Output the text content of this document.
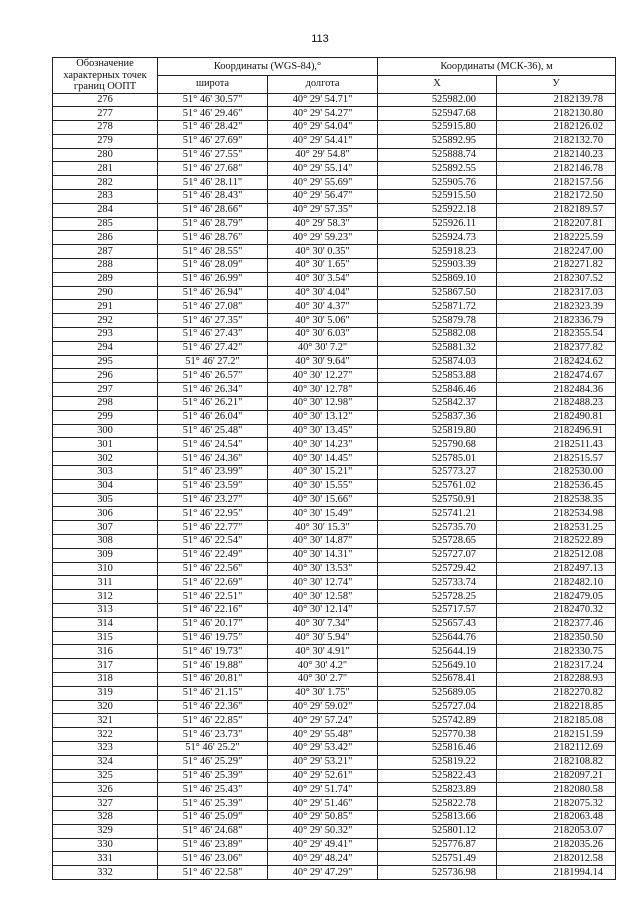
113
Обозначение характерных точек границ ООПТ	Координаты (WGS-84),°		Координаты (МСК-36), м	
	широта	долгота	X	У
276	51° 46' 30.57"	40° 29' 54.71"	525982.00	2182139.78
277	51° 46' 29.46"	40° 29' 54.27"	525947.68	2182130.80
278	51° 46' 28.42"	40° 29' 54.04"	525915.80	2182126.02
279	51° 46' 27.69"	40° 29' 54.41"	525892.95	2182132.70
280	51° 46' 27.55"	40° 29' 54.8"	525888.74	2182140.23
281	51° 46' 27.68"	40° 29' 55.14"	525892.55	2182146.78
282	51° 46' 28.11"	40° 29' 55.69"	525905.76	2182157.56
283	51° 46' 28.43"	40° 29' 56.47"	525915.50	2182172.50
284	51° 46' 28.66"	40° 29' 57.35"	525922.18	2182189.57
285	51° 46' 28.79"	40° 29' 58.3"	525926.11	2182207.81
286	51° 46' 28.76"	40° 29' 59.23"	525924.73	2182225.59
287	51° 46' 28.55"	40° 30' 0.35"	525918.23	2182247.00
288	51° 46' 28.09"	40° 30' 1.65"	525903.39	2182271.82
289	51° 46' 26.99"	40° 30' 3.54"	525869.10	2182307.52
290	51° 46' 26.94"	40° 30' 4.04"	525867.50	2182317.03
291	51° 46' 27.08"	40° 30' 4.37"	525871.72	2182323.39
292	51° 46' 27.35"	40° 30' 5.06"	525879.78	2182336.79
293	51° 46' 27.43"	40° 30' 6.03"	525882.08	2182355.54
294	51° 46' 27.42"	40° 30' 7.2"	525881.32	2182377.82
295	51° 46' 27.2"	40° 30' 9.64"	525874.03	2182424.62
296	51° 46' 26.57"	40° 30' 12.27"	525853.88	2182474.67
297	51° 46' 26.34"	40° 30' 12.78"	525846.46	2182484.36
298	51° 46' 26.21"	40° 30' 12.98"	525842.37	2182488.23
299	51° 46' 26.04"	40° 30' 13.12"	525837.36	2182490.81
300	51° 46' 25.48"	40° 30' 13.45"	525819.80	2182496.91
301	51° 46' 24.54"	40° 30' 14.23"	525790.68	2182511.43
302	51° 46' 24.36"	40° 30' 14.45"	525785.01	2182515.57
303	51° 46' 23.99"	40° 30' 15.21"	525773.27	2182530.00
304	51° 46' 23.59"	40° 30' 15.55"	525761.02	2182536.45
305	51° 46' 23.27"	40° 30' 15.66"	525750.91	2182538.35
306	51° 46' 22.95"	40° 30' 15.49"	525741.21	2182534.98
307	51° 46' 22.77"	40° 30' 15.3"	525735.70	2182531.25
308	51° 46' 22.54"	40° 30' 14.87"	525728.65	2182522.89
309	51° 46' 22.49"	40° 30' 14.31"	525727.07	2182512.08
310	51° 46' 22.56"	40° 30' 13.53"	525729.42	2182497.13
311	51° 46' 22.69"	40° 30' 12.74"	525733.74	2182482.10
312	51° 46' 22.51"	40° 30' 12.58"	525728.25	2182479.05
313	51° 46' 22.16"	40° 30' 12.14"	525717.57	2182470.32
314	51° 46' 20.17"	40° 30' 7.34"	525657.43	2182377.46
315	51° 46' 19.75"	40° 30' 5.94"	525644.76	2182350.50
316	51° 46' 19.73"	40° 30' 4.91"	525644.19	2182330.75
317	51° 46' 19.88"	40° 30' 4.2"	525649.10	2182317.24
318	51° 46' 20.81"	40° 30' 2.7"	525678.41	2182288.93
319	51° 46' 21.15"	40° 30' 1.75"	525689.05	2182270.82
320	51° 46' 22.36"	40° 29' 59.02"	525727.04	2182218.85
321	51° 46' 22.85"	40° 29' 57.24"	525742.89	2182185.08
322	51° 46' 23.73"	40° 29' 55.48"	525770.38	2182151.59
323	51° 46' 25.2"	40° 29' 53.42"	525816.46	2182112.69
324	51° 46' 25.29"	40° 29' 53.21"	525819.22	2182108.82
325	51° 46' 25.39"	40° 29' 52.61"	525822.43	2182097.21
326	51° 46' 25.43"	40° 29' 51.74"	525823.89	2182080.58
327	51° 46' 25.39"	40° 29' 51.46"	525822.78	2182075.32
328	51° 46' 25.09"	40° 29' 50.85"	525813.66	2182063.48
329	51° 46' 24.68"	40° 29' 50.32"	525801.12	2182053.07
330	51° 46' 23.89"	40° 29' 49.41"	525776.87	2182035.26
331	51° 46' 23.06"	40° 29' 48.24"	525751.49	2182012.58
332	51° 46' 22.58"	40° 29' 47.29"	525736.98	2181994.14
